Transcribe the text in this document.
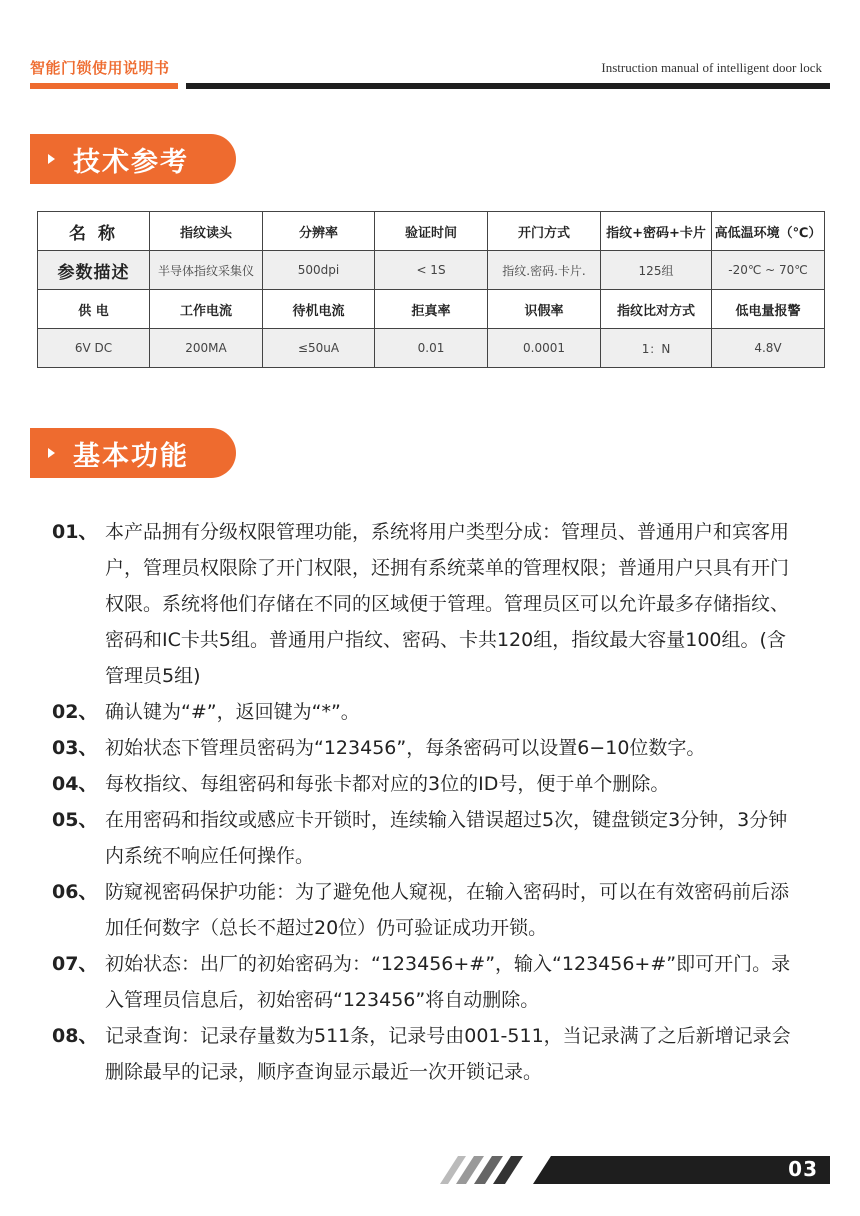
智能门锁使用说明书	Instruction manual of intelligent door lock
技术参考
名 称	指纹读头	分辨率	验证时间	开门方式	指纹+密码+卡片	高低温环境（℃）
参数描述	半导体指纹采集仪	500dpi	< 1S	指纹.密码.卡片.	125组	-20℃ ~ 70℃
供 电	工作电流	待机电流	拒真率	识假率	指纹比对方式	低电量报警
6V DC	200MA	≤50uA	0.01	0.0001	1：N	4.8V
基本功能
01、 本产品拥有分级权限管理功能，系统将用户类型分成：管理员、普通用户和宾客用户，管理员权限除了开门权限，还拥有系统菜单的管理权限；普通用户只具有开门权限。系统将他们存储在不同的区域便于管理。管理员区可以允许最多存储指纹、密码和IC卡共5组。普通用户指纹、密码、卡共120组，指纹最大容量100组。(含管理员5组)
02、 确认键为“#”，返回键为“*”。
03、 初始状态下管理员密码为“123456”，每条密码可以设置6−10位数字。
04、 每枚指纹、每组密码和每张卡都对应的3位的ID号，便于单个删除。
05、 在用密码和指纹或感应卡开锁时，连续输入错误超过5次，键盘锁定3分钟，3分钟内系统不响应任何操作。
06、 防窥视密码保护功能：为了避免他人窥视，在输入密码时，可以在有效密码前后添加任何数字（总长不超过20位）仍可验证成功开锁。
07、 初始状态：出厂的初始密码为：“123456+#”，输入“123456+#”即可开门。录入管理员信息后，初始密码“123456”将自动删除。
08、 记录查询：记录存量数为511条，记录号由001-511，当记录满了之后新增记录会删除最早的记录，顺序查询显示最近一次开锁记录。
03
